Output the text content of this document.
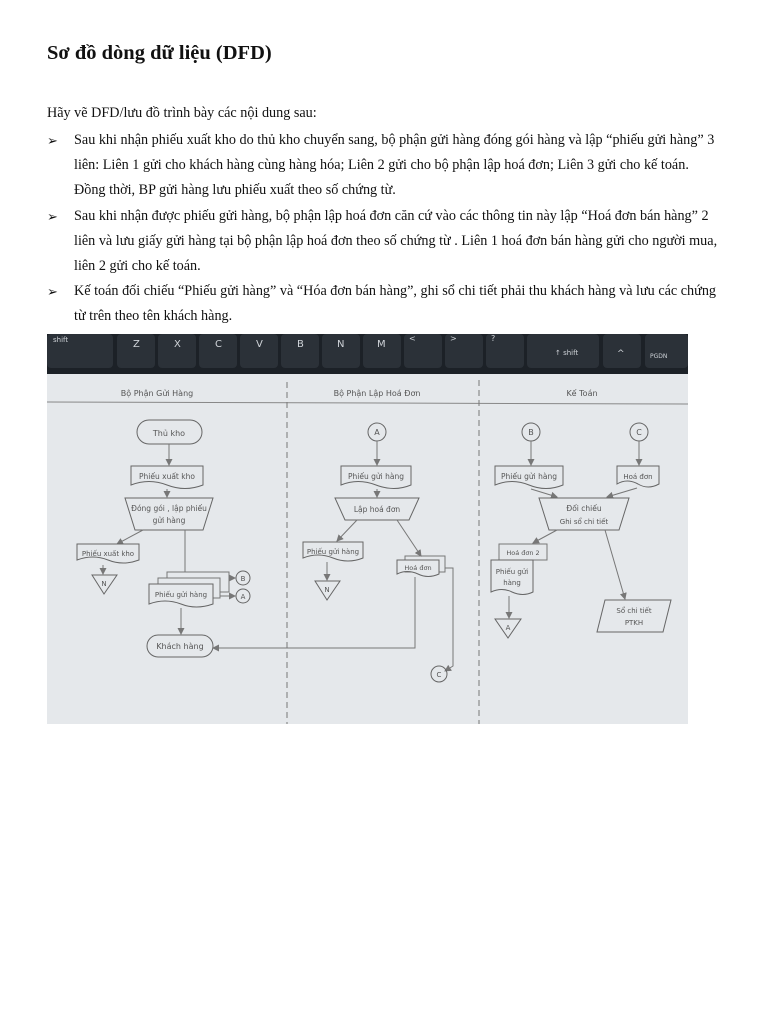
Sơ đồ dòng dữ liệu (DFD)

Hãy vẽ DFD/lưu đồ trình bày các nội dung sau:

➢ Sau khi nhận phiếu xuất kho do thủ kho chuyển sang, bộ phận gửi hàng đóng gói hàng và lập “phiếu gửi hàng” 3 liên: Liên 1 gửi cho khách hàng cùng hàng hóa; Liên 2 gửi cho bộ phận lập hoá đơn; Liên 3 gửi cho kế toán. Đồng thời, BP gửi hàng lưu phiếu xuất theo số chứng từ.
➢ Sau khi nhận được phiếu gửi hàng, bộ phận lập hoá đơn căn cứ vào các thông tin này lập “Hoá đơn bán hàng” 2 liên và lưu giấy gửi hàng tại bộ phận lập hoá đơn theo số chứng từ . Liên 1 hoá đơn bán hàng gửi cho người mua, liên 2 gửi cho kế toán.
➢ Kế toán đối chiếu “Phiếu gửi hàng” và “Hóa đơn bán hàng”, ghi sổ chi tiết phải thu khách hàng và lưu các chứng từ trên theo tên khách hàng.
shift	Z	X	C	V	B	N	M
<	>	?
↑ shift	^	PGDN
Bộ Phận Gửi Hàng	Bộ Phận Lập Hoá Đơn	Kế Toán
Thủ kho
Phiếu xuất kho
Đóng gói , lập phiếu
gửi hàng
Phiếu xuất kho
N
Phiếu gửi hàng
B
A
Khách hàng
A
Phiếu gửi hàng
Lập hoá đơn
Phiếu gửi hàng
N
Hoá đơn
C
B	C
Phiếu gửi hàng	Hoá đơn
Đối chiếu
Ghi sổ chi tiết
Hoá đơn 2
Phiếu gửi
hàng
A
Sổ chi tiết
PTKH
